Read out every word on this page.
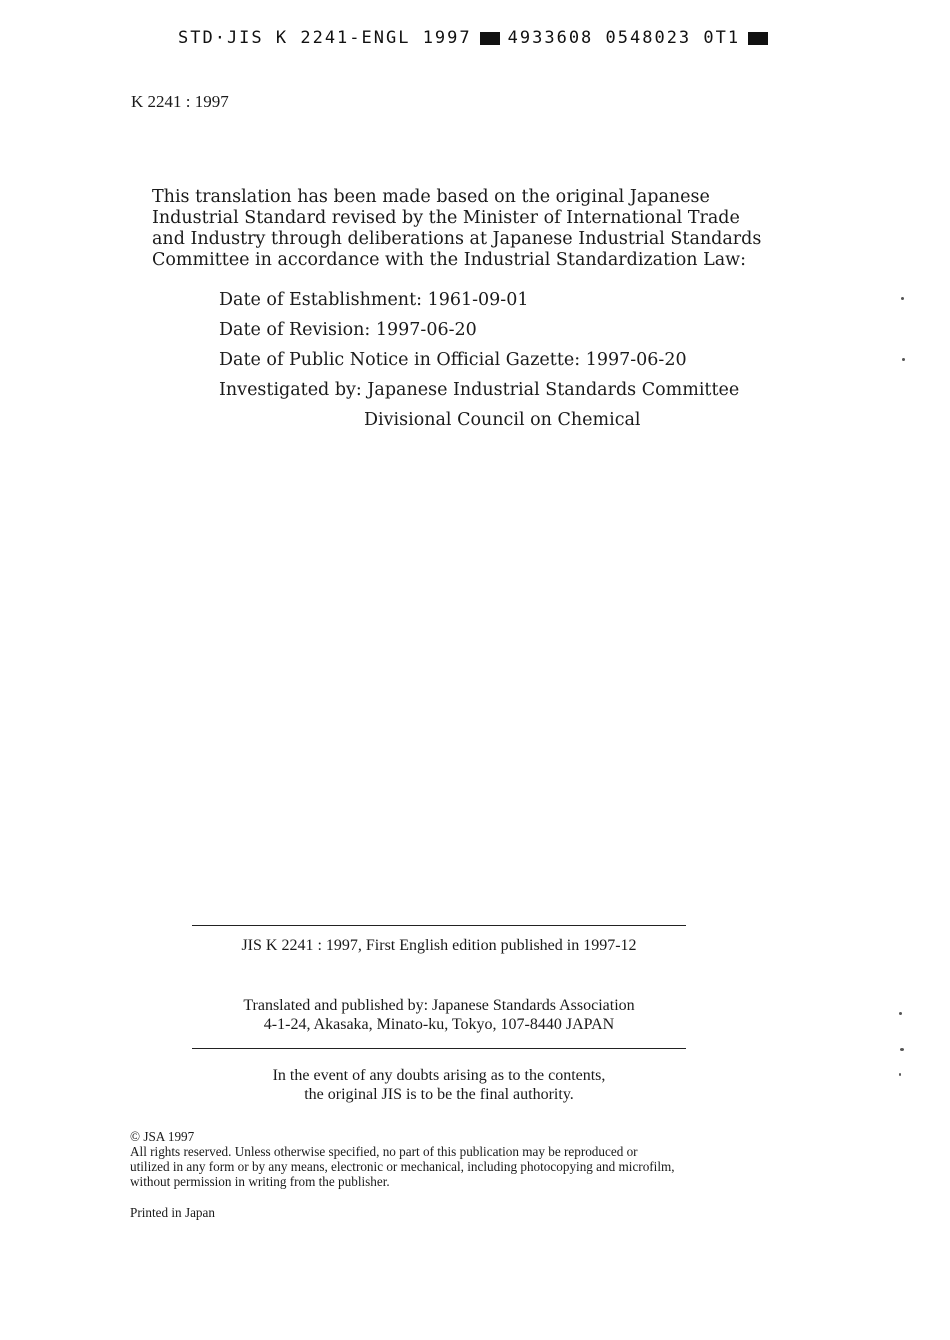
STD·JIS K 2241-ENGL 1997 4933608 0548023 0T1
K 2241 : 1997

This translation has been made based on the original Japanese Industrial Standard revised by the Minister of International Trade and Industry through deliberations at Japanese Industrial Standards Committee in accordance with the Industrial Standardization Law:

Date of Establishment: 1961-09-01
Date of Revision: 1997-06-20
Date of Public Notice in Official Gazette: 1997-06-20
Investigated by: Japanese Industrial Standards Committee
Divisional Council on Chemical
JIS K 2241 : 1997, First English edition published in 1997-12
Translated and published by: Japanese Standards Association
4-1-24, Akasaka, Minato-ku, Tokyo, 107-8440 JAPAN
In the event of any doubts arising as to the contents,
the original JIS is to be the final authority.
© JSA 1997
All rights reserved. Unless otherwise specified, no part of this publication may be reproduced or
utilized in any form or by any means, electronic or mechanical, including photocopying and microfilm,
without permission in writing from the publisher.
Printed in Japan
